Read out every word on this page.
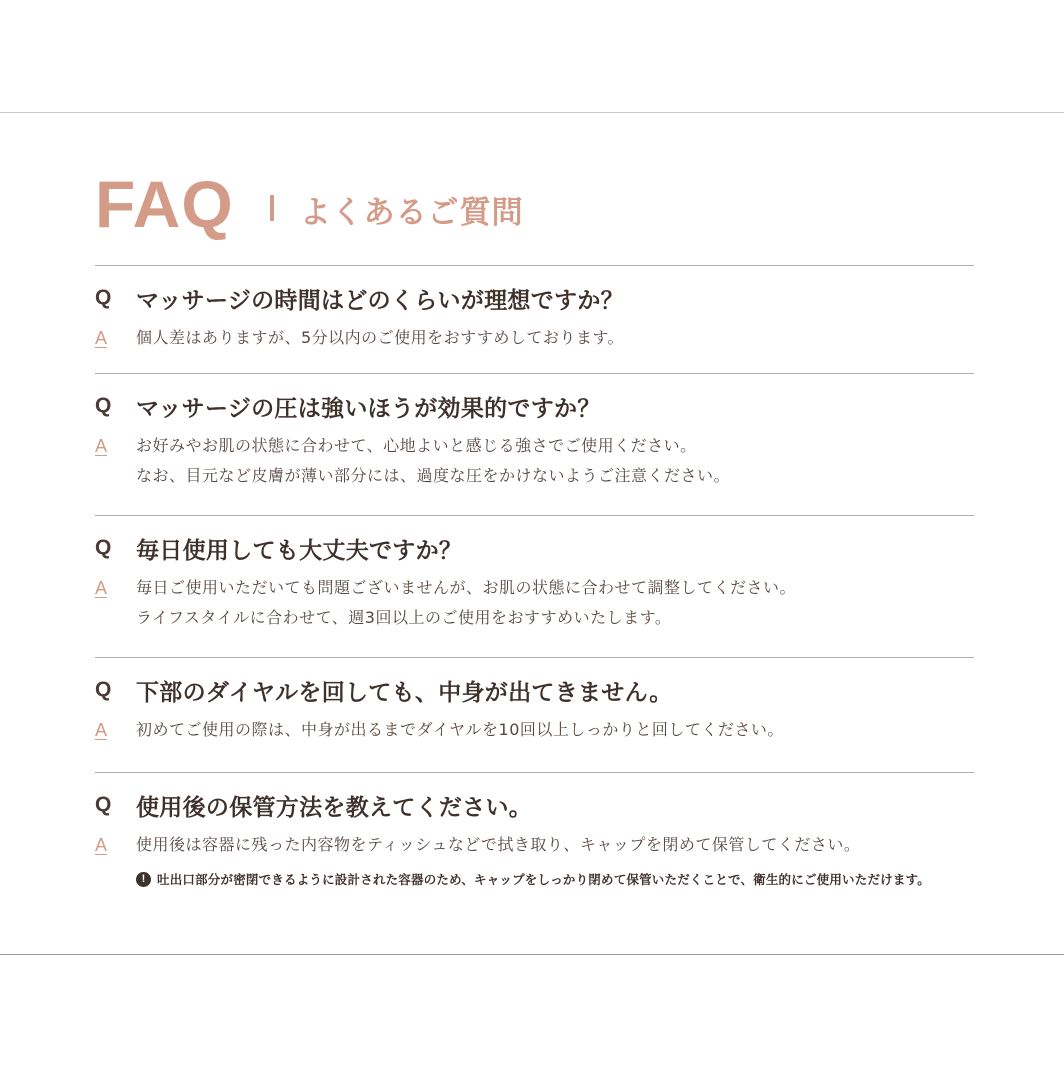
FAQ よくあるご質問
Q	マッサージの時間はどのくらいが理想ですか？
A	個人差はありますが、5分以内のご使用をおすすめしております。
Q	マッサージの圧は強いほうが効果的ですか？
A	お好みやお肌の状態に合わせて、心地よいと感じる強さでご使用ください。
なお、目元など皮膚が薄い部分には、過度な圧をかけないようご注意ください。
Q	毎日使用しても大丈夫ですか？
A	毎日ご使用いただいても問題ございませんが、お肌の状態に合わせて調整してください。
ライフスタイルに合わせて、週3回以上のご使用をおすすめいたします。
Q	下部のダイヤルを回しても、中身が出てきません。
A	初めてご使用の際は、中身が出るまでダイヤルを10回以上しっかりと回してください。
Q	使用後の保管方法を教えてください。
A	使用後は容器に残った内容物をティッシュなどで拭き取り、キャップを閉めて保管してください。
! 吐出口部分が密閉できるように設計された容器のため、キャップをしっかり閉めて保管いただくことで、衛生的にご使用いただけます。
